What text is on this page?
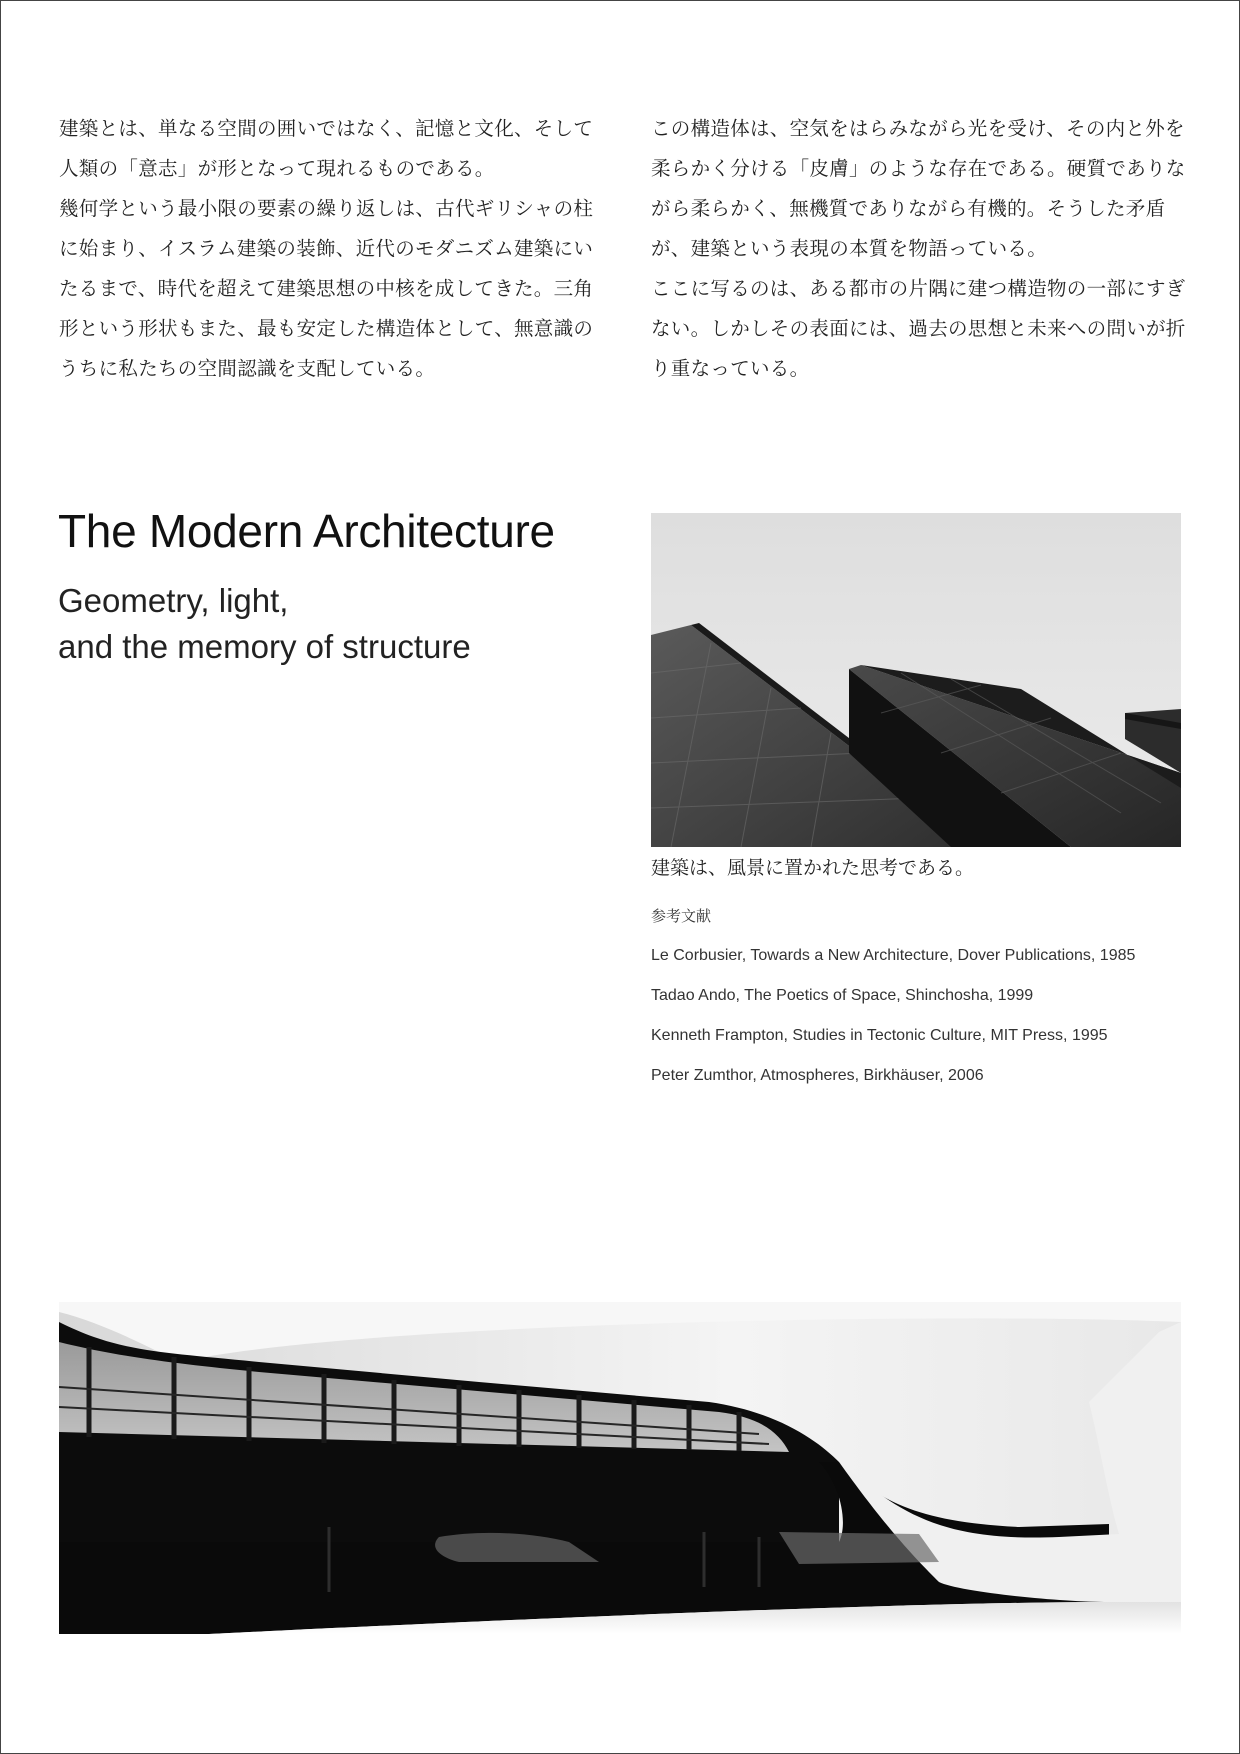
建築とは、単なる空間の囲いではなく、記憶と文化、そして人類の「意志」が形となって現れるものである。

幾何学という最小限の要素の繰り返しは、古代ギリシャの柱に始まり、イスラム建築の装飾、近代のモダニズム建築にいたるまで、時代を超えて建築思想の中核を成してきた。三角形という形状もまた、最も安定した構造体として、無意識のうちに私たちの空間認識を支配している。

この構造体は、空気をはらみながら光を受け、その内と外を柔らかく分ける「皮膚」のような存在である。硬質でありながら柔らかく、無機質でありながら有機的。そうした矛盾が、建築という表現の本質を物語っている。

ここに写るのは、ある都市の片隅に建つ構造物の一部にすぎない。しかしその表面には、過去の思想と未来への問いが折り重なっている。

The Modern Architecture
Geometry, light,
and the memory of structure
建築は、風景に置かれた思考である。
参考文献
Le Corbusier, Towards a New Architecture, Dover Publications, 1985
Tadao Ando, The Poetics of Space, Shinchosha, 1999
Kenneth Frampton, Studies in Tectonic Culture, MIT Press, 1995
Peter Zumthor, Atmospheres, Birkhäuser, 2006
